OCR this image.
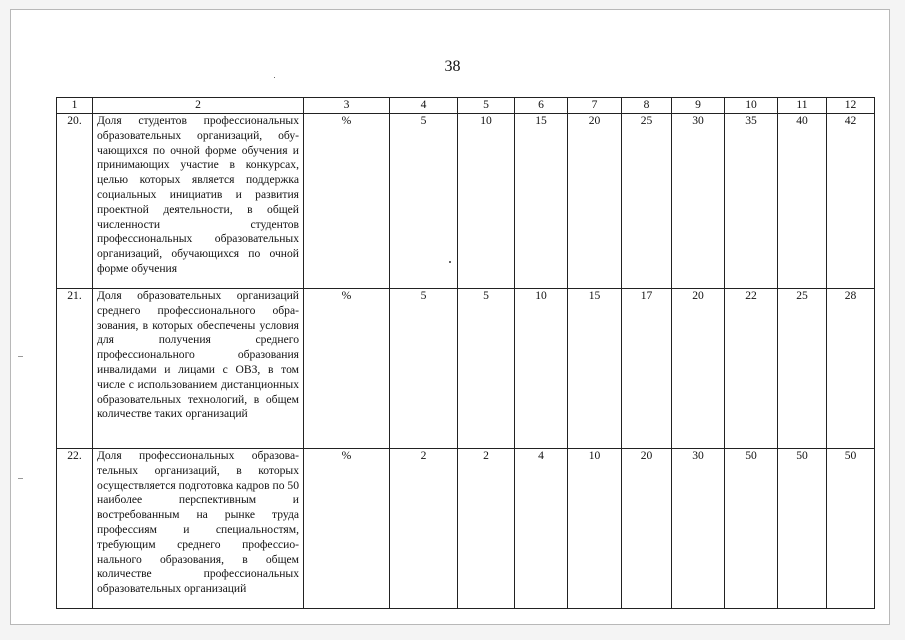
38
1	2	3	4	5	6	7	8	9	10	11	12
20.	Доля студентов профессиональных образовательных организаций, обучающихся по очной форме обучения и принимающих участие в конкурсах, целью которых является поддержка социальных инициатив и развития проектной деятельности, в общей численности студентов профессиональных образовательных организаций, обучающихся по очной форме обучения	%	5	10	15	20	25	30	35	40	42
21.	Доля образовательных организаций среднего профессионального образования, в которых обеспечены условия для получения среднего профессионального образования инвалидами и лицами с ОВЗ, в том числе с использованием дистанционных образовательных технологий, в общем количестве таких организаций	%	5	5	10	15	17	20	22	25	28
22.	Доля профессиональных образовательных организаций, в которых осуществляется подготовка кадров по 50 наиболее перспективным и востребованным на рынке труда профессиям и специальностям, требующим среднего профессионального образования, в общем количестве профессиональных образовательных организаций	%	2	2	4	10	20	30	50	50	50
